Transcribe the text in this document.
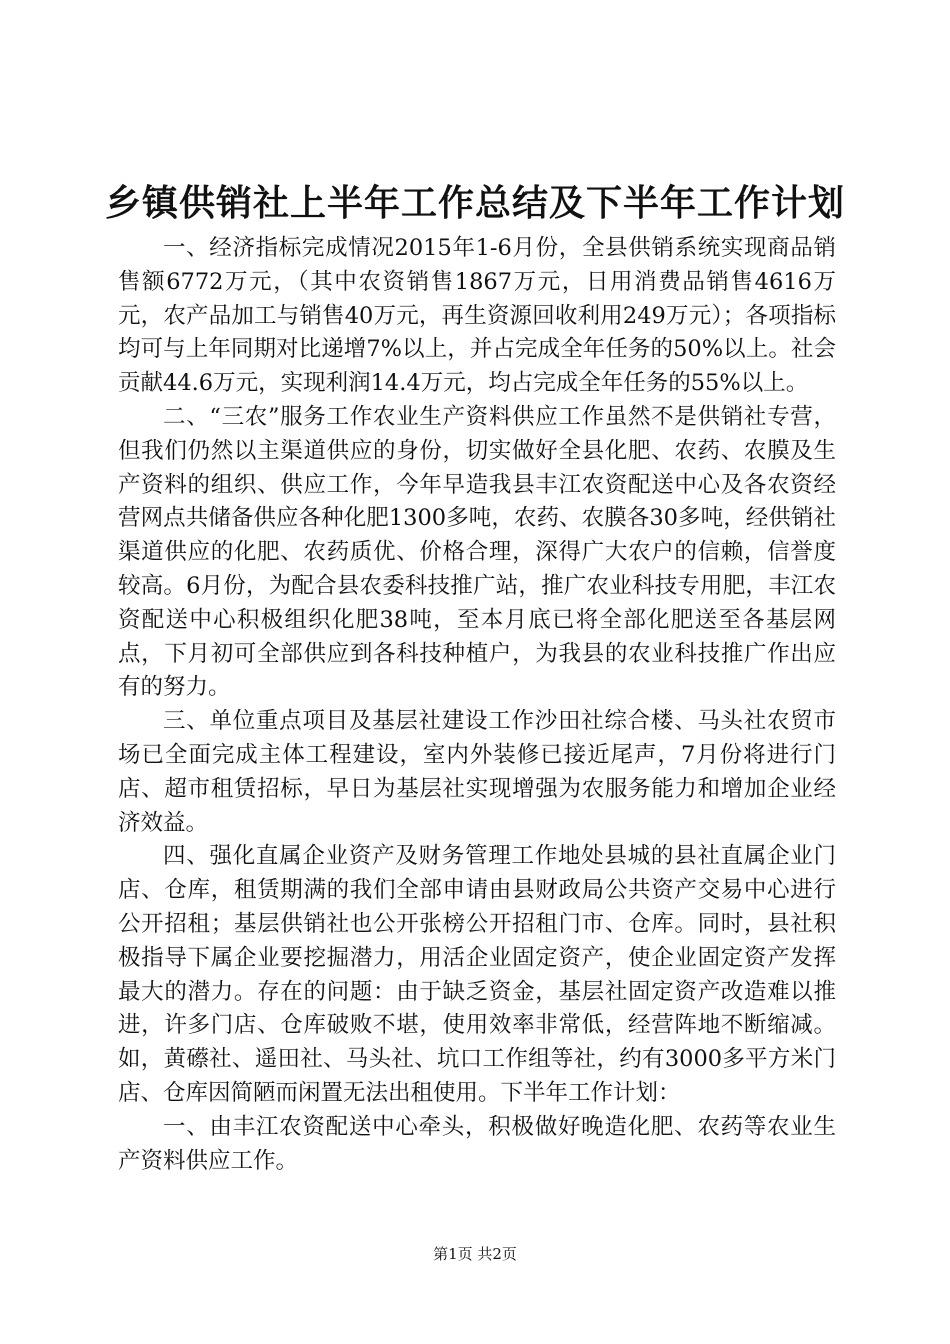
乡镇供销社上半年工作总结及下半年工作计划

一、经济指标完成情况2015年1-6月份，全县供销系统实现商品销售额6772万元，（其中农资销售1867万元，日用消费品销售4616万元，农产品加工与销售40万元，再生资源回收利用249万元）；各项指标均可与上年同期对比递增7%以上，并占完成全年任务的50%以上。社会贡献44.6万元，实现利润14.4万元，均占完成全年任务的55%以上。

二、“三农”服务工作农业生产资料供应工作虽然不是供销社专营，但我们仍然以主渠道供应的身份，切实做好全县化肥、农药、农膜及生产资料的组织、供应工作，今年早造我县丰江农资配送中心及各农资经营网点共储备供应各种化肥1300多吨，农药、农膜各30多吨，经供销社渠道供应的化肥、农药质优、价格合理，深得广大农户的信赖，信誉度较高。6月份，为配合县农委科技推广站，推广农业科技专用肥，丰江农资配送中心积极组织化肥38吨，至本月底已将全部化肥送至各基层网点，下月初可全部供应到各科技种植户，为我县的农业科技推广作出应有的努力。

三、单位重点项目及基层社建设工作沙田社综合楼、马头社农贸市场已全面完成主体工程建设，室内外装修已接近尾声，7月份将进行门店、超市租赁招标，早日为基层社实现增强为农服务能力和增加企业经济效益。

四、强化直属企业资产及财务管理工作地处县城的县社直属企业门店、仓库，租赁期满的我们全部申请由县财政局公共资产交易中心进行公开招租；基层供销社也公开张榜公开招租门市、仓库。同时，县社积极指导下属企业要挖掘潜力，用活企业固定资产，使企业固定资产发挥最大的潜力。存在的问题：由于缺乏资金，基层社固定资产改造难以推进，许多门店、仓库破败不堪，使用效率非常低，经营阵地不断缩减。如，黄礤社、遥田社、马头社、坑口工作组等社，约有3000多平方米门店、仓库因简陋而闲置无法出租使用。下半年工作计划：

一、由丰江农资配送中心牵头，积极做好晚造化肥、农药等农业生产资料供应工作。

第1页 共2页
